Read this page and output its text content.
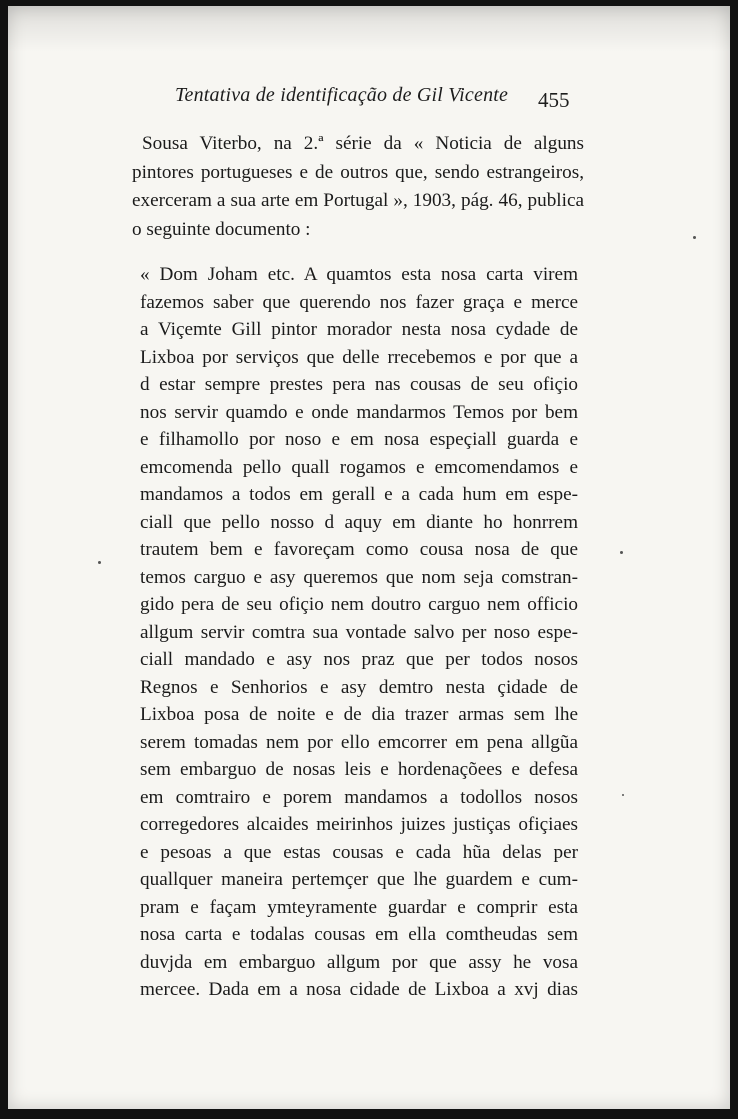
Tentativa de identificação de Gil Vicente 455
Sousa Viterbo, na 2.ª série da « Noticia de alguns
pintores portugueses e de outros que, sendo estrangeiros,
exerceram a sua arte em Portugal », 1903, pág. 46, publica
o seguinte documento :
« Dom Joham etc. A quamtos esta nosa carta virem
fazemos saber que querendo nos fazer graça e merce
a Viçemte Gill pintor morador nesta nosa cydade de
Lixboa por serviços que delle rrecebemos e por que a
d estar sempre prestes pera nas cousas de seu ofiçio
nos servir quamdo e onde mandarmos Temos por bem
e filhamollo por noso e em nosa espeçiall guarda e
emcomenda pello quall rogamos e emcomendamos e
mandamos a todos em gerall e a cada hum em espe-
ciall que pello nosso d aquy em diante ho honrrem
trautem bem e favoreçam como cousa nosa de que
temos carguo e asy queremos que nom seja comstran-
gido pera de seu ofiçio nem doutro carguo nem officio
allgum servir comtra sua vontade salvo per noso espe-
ciall mandado e asy nos praz que per todos nosos
Regnos e Senhorios e asy demtro nesta çidade de
Lixboa posa de noite e de dia trazer armas sem lhe
serem tomadas nem por ello emcorrer em pena allgũa
sem embarguo de nosas leis e hordenaçõees e defesa
em comtrairo e porem mandamos a todollos nosos
corregedores alcaides meirinhos juizes justiças ofiçiaes
e pesoas a que estas cousas e cada hũa delas per
quallquer maneira pertemçer que lhe guardem e cum-
pram e façam ymteyramente guardar e comprir esta
nosa carta e todalas cousas em ella comtheudas sem
duvjda em embarguo allgum por que assy he vosa
mercee. Dada em a nosa cidade de Lixboa a xvj dias
